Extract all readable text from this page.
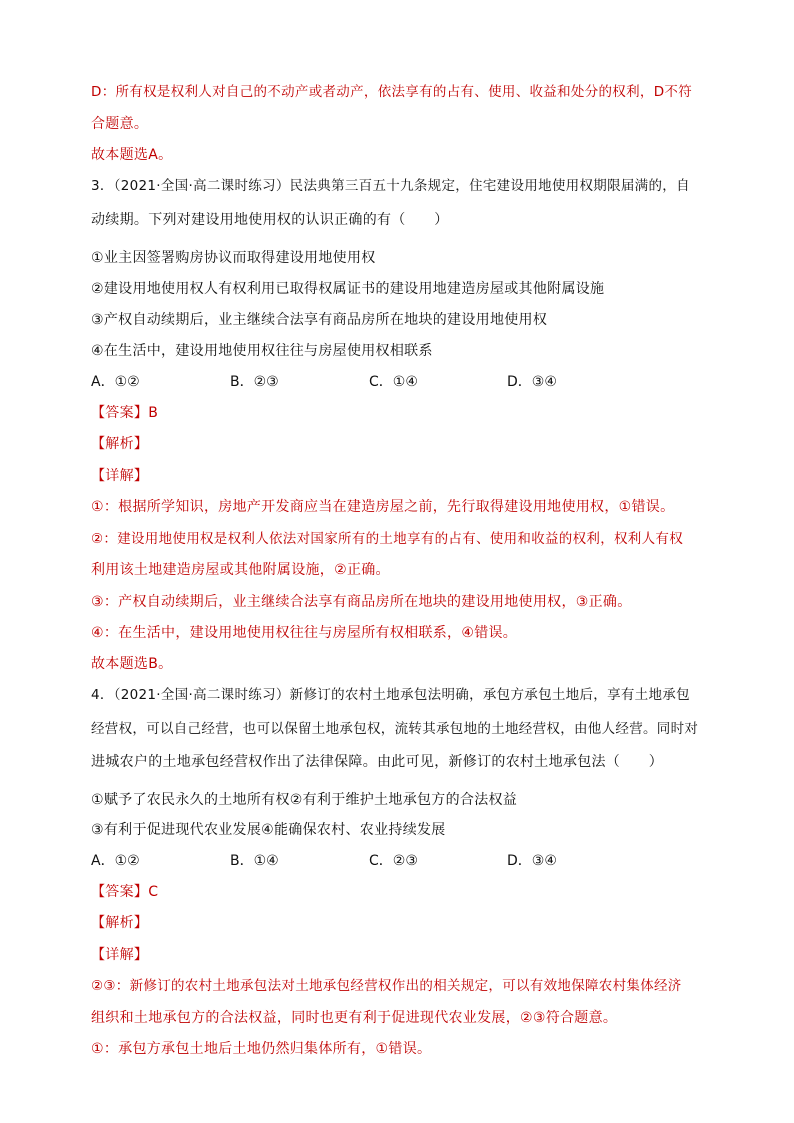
D：所有权是权利人对自己的不动产或者动产，依法享有的占有、使用、收益和处分的权利，D不符
合题意。
故本题选A。
3．（2021·全国·高二课时练习）民法典第三百五十九条规定，住宅建设用地使用权期限届满的，自
动续期。下列对建设用地使用权的认识正确的有（　　）
①业主因签署购房协议而取得建设用地使用权
②建设用地使用权人有权利用已取得权属证书的建设用地建造房屋或其他附属设施
③产权自动续期后，业主继续合法享有商品房所在地块的建设用地使用权
④在生活中，建设用地使用权往往与房屋使用权相联系
A．①②	B．②③	C．①④	D．③④
【答案】B
【解析】
【详解】
①：根据所学知识，房地产开发商应当在建造房屋之前，先行取得建设用地使用权，①错误。
②：建设用地使用权是权利人依法对国家所有的土地享有的占有、使用和收益的权利，权利人有权
利用该土地建造房屋或其他附属设施，②正确。
③：产权自动续期后，业主继续合法享有商品房所在地块的建设用地使用权，③正确。
④：在生活中，建设用地使用权往往与房屋所有权相联系，④错误。
故本题选B。
4．（2021·全国·高二课时练习）新修订的农村土地承包法明确，承包方承包土地后，享有土地承包
经营权，可以自己经营，也可以保留土地承包权，流转其承包地的土地经营权，由他人经营。同时对
进城农户的土地承包经营权作出了法律保障。由此可见，新修订的农村土地承包法（　　）
①赋予了农民永久的土地所有权②有利于维护土地承包方的合法权益
③有利于促进现代农业发展④能确保农村、农业持续发展
A．①②	B．①④	C．②③	D．③④
【答案】C
【解析】
【详解】
②③：新修订的农村土地承包法对土地承包经营权作出的相关规定，可以有效地保障农村集体经济
组织和土地承包方的合法权益，同时也更有利于促进现代农业发展，②③符合题意。
①：承包方承包土地后土地仍然归集体所有，①错误。
